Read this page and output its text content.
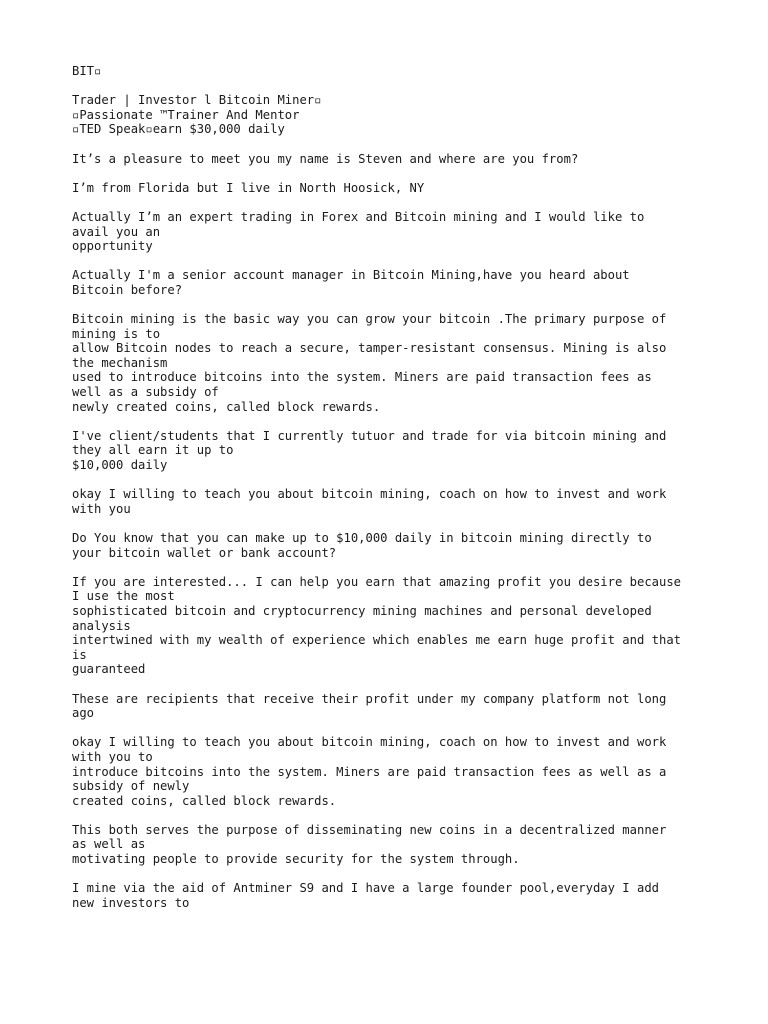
BIT▫
Trader | Investor l Bitcoin Miner▫
▫Passionate ™Trainer And Mentor
▫TED Speak▫earn $30,000 daily
It’s a pleasure to meet you my name is Steven and where are you from?
I’m from Florida but I live in North Hoosick, NY
Actually I’m an expert trading in Forex and Bitcoin mining and I would like to
avail you an
opportunity
Actually I'm a senior account manager in Bitcoin Mining,have you heard about
Bitcoin before?
Bitcoin mining is the basic way you can grow your bitcoin .The primary purpose of
mining is to
allow Bitcoin nodes to reach a secure, tamper-resistant consensus. Mining is also
the mechanism
used to introduce bitcoins into the system. Miners are paid transaction fees as
well as a subsidy of
newly created coins, called block rewards.
I've client/students that I currently tutuor and trade for via bitcoin mining and
they all earn it up to
$10,000 daily
okay I willing to teach you about bitcoin mining, coach on how to invest and work
with you
Do You know that you can make up to $10,000 daily in bitcoin mining directly to
your bitcoin wallet or bank account?
If you are interested... I can help you earn that amazing profit you desire because
I use the most
sophisticated bitcoin and cryptocurrency mining machines and personal developed
analysis
intertwined with my wealth of experience which enables me earn huge profit and that
is
guaranteed
These are recipients that receive their profit under my company platform not long
ago
okay I willing to teach you about bitcoin mining, coach on how to invest and work
with you to
introduce bitcoins into the system. Miners are paid transaction fees as well as a
subsidy of newly
created coins, called block rewards.
This both serves the purpose of disseminating new coins in a decentralized manner
as well as
motivating people to provide security for the system through.
I mine via the aid of Antminer S9 and I have a large founder pool,everyday I add
new investors to
